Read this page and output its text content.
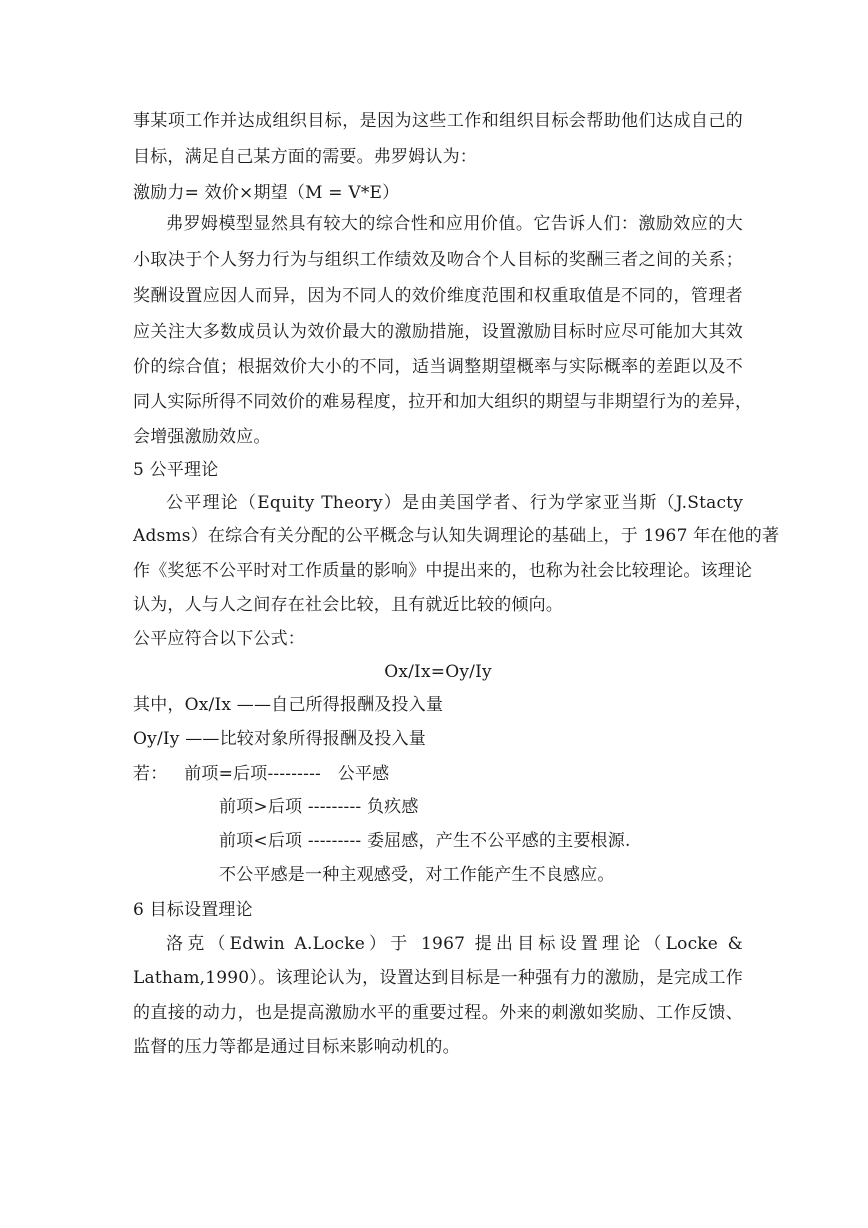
事某项工作并达成组织目标，是因为这些工作和组织目标会帮助他们达成自己的
目标，满足自己某方面的需要。弗罗姆认为：
激励力= 效价×期望（M = V*E）
弗罗姆模型显然具有较大的综合性和应用价值。它告诉人们：激励效应的大
小取决于个人努力行为与组织工作绩效及吻合个人目标的奖酬三者之间的关系；
奖酬设置应因人而异，因为不同人的效价维度范围和权重取值是不同的，管理者
应关注大多数成员认为效价最大的激励措施，设置激励目标时应尽可能加大其效
价的综合值；根据效价大小的不同，适当调整期望概率与实际概率的差距以及不
同人实际所得不同效价的难易程度，拉开和加大组织的期望与非期望行为的差异，
会增强激励效应。
5 公平理论
公平理论（Equity Theory）是由美国学者、行为学家亚当斯（J.Stacty
Adsms）在综合有关分配的公平概念与认知失调理论的基础上，于 1967 年在他的著
作《奖惩不公平时对工作质量的影响》中提出来的，也称为社会比较理论。该理论
认为，人与人之间存在社会比较，且有就近比较的倾向。
公平应符合以下公式：
Ox/Ix=Oy/Iy
其中，Ox/Ix ——自己所得报酬及投入量
Oy/Iy ——比较对象所得报酬及投入量
若：   前项=后项---------   公平感
前项>后项 --------- 负疚感
前项<后项 --------- 委屈感，产生不公平感的主要根源.
不公平感是一种主观感受，对工作能产生不良感应。
6 目标设置理论
洛克（Edwin A.Locke）于 1967 提出目标设置理论（Locke &
Latham,1990）。该理论认为，设置达到目标是一种强有力的激励，是完成工作
的直接的动力，也是提高激励水平的重要过程。外来的刺激如奖励、工作反馈、
监督的压力等都是通过目标来影响动机的。
